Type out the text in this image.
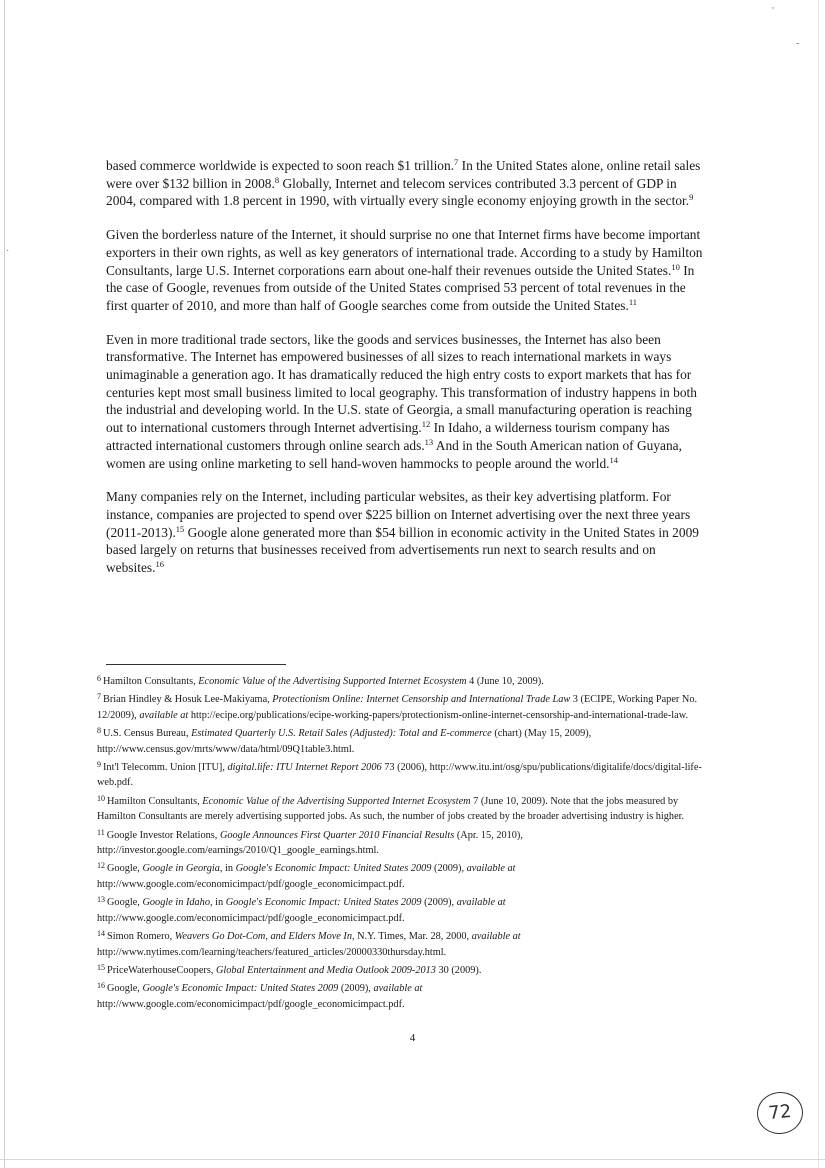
'
-
·

based commerce worldwide is expected to soon reach $1 trillion.$^7$ In the United States alone, online retail sales were over $132 billion in 2008.$^8$ Globally, Internet and telecom services contributed 3.3 percent of GDP in 2004, compared with 1.8 percent in 1990, with virtually every single economy enjoying growth in the sector.$^9$

Given the borderless nature of the Internet, it should surprise no one that Internet firms have become important exporters in their own rights, as well as key generators of international trade. According to a study by Hamilton Consultants, large U.S. Internet corporations earn about one-half their revenues outside the United States.$^{10}$ In the case of Google, revenues from outside of the United States comprised 53 percent of total revenues in the first quarter of 2010, and more than half of Google searches come from outside the United States.$^{11}$

Even in more traditional trade sectors, like the goods and services businesses, the Internet has also been transformative. The Internet has empowered businesses of all sizes to reach international markets in ways unimaginable a generation ago. It has dramatically reduced the high entry costs to export markets that has for centuries kept most small business limited to local geography. This transformation of industry happens in both the industrial and developing world. In the U.S. state of Georgia, a small manufacturing operation is reaching out to international customers through Internet advertising.$^{12}$ In Idaho, a wilderness tourism company has attracted international customers through online search ads.$^{13}$ And in the South American nation of Guyana, women are using online marketing to sell hand-woven hammocks to people around the world.$^{14}$

Many companies rely on the Internet, including particular websites, as their key advertising platform. For instance, companies are projected to spend over $225 billion on Internet advertising over the next three years (2011-2013).$^{15}$ Google alone generated more than $54 billion in economic activity in the United States in 2009 based largely on returns that businesses received from advertisements run next to search results and on websites.$^{16}$

$^6$ Hamilton Consultants, Economic Value of the Advertising Supported Internet Ecosystem 4 (June 10, 2009).
$^7$ Brian Hindley & Hosuk Lee-Makiyama, Protectionism Online: Internet Censorship and International Trade Law 3 (ECIPE, Working Paper No. 12/2009), available at http://ecipe.org/publications/ecipe-working-papers/protectionism-online-internet-censorship-and-international-trade-law.
$^8$ U.S. Census Bureau, Estimated Quarterly U.S. Retail Sales (Adjusted): Total and E-commerce (chart) (May 15, 2009), http://www.census.gov/mrts/www/data/html/09Q1table3.html.
$^9$ Int'l Telecomm. Union [ITU], digital.life: ITU Internet Report 2006 73 (2006), http://www.itu.int/osg/spu/publications/digitalife/docs/digital-life-web.pdf.
$^{10}$ Hamilton Consultants, Economic Value of the Advertising Supported Internet Ecosystem 7 (June 10, 2009). Note that the jobs measured by Hamilton Consultants are merely advertising supported jobs. As such, the number of jobs created by the broader advertising industry is higher.
$^{11}$ Google Investor Relations, Google Announces First Quarter 2010 Financial Results (Apr. 15, 2010), http://investor.google.com/earnings/2010/Q1_google_earnings.html.
$^{12}$ Google, Google in Georgia, in Google's Economic Impact: United States 2009 (2009), available at http://www.google.com/economicimpact/pdf/google_economicimpact.pdf.
$^{13}$ Google, Google in Idaho, in Google's Economic Impact: United States 2009 (2009), available at http://www.google.com/economicimpact/pdf/google_economicimpact.pdf.
$^{14}$ Simon Romero, Weavers Go Dot-Com, and Elders Move In, N.Y. Times, Mar. 28, 2000, available at http://www.nytimes.com/learning/teachers/featured_articles/20000330thursday.html.
$^{15}$ PriceWaterhouseCoopers, Global Entertainment and Media Outlook 2009-2013 30 (2009).
$^{16}$ Google, Google's Economic Impact: United States 2009 (2009), available at http://www.google.com/economicimpact/pdf/google_economicimpact.pdf.
4
72
